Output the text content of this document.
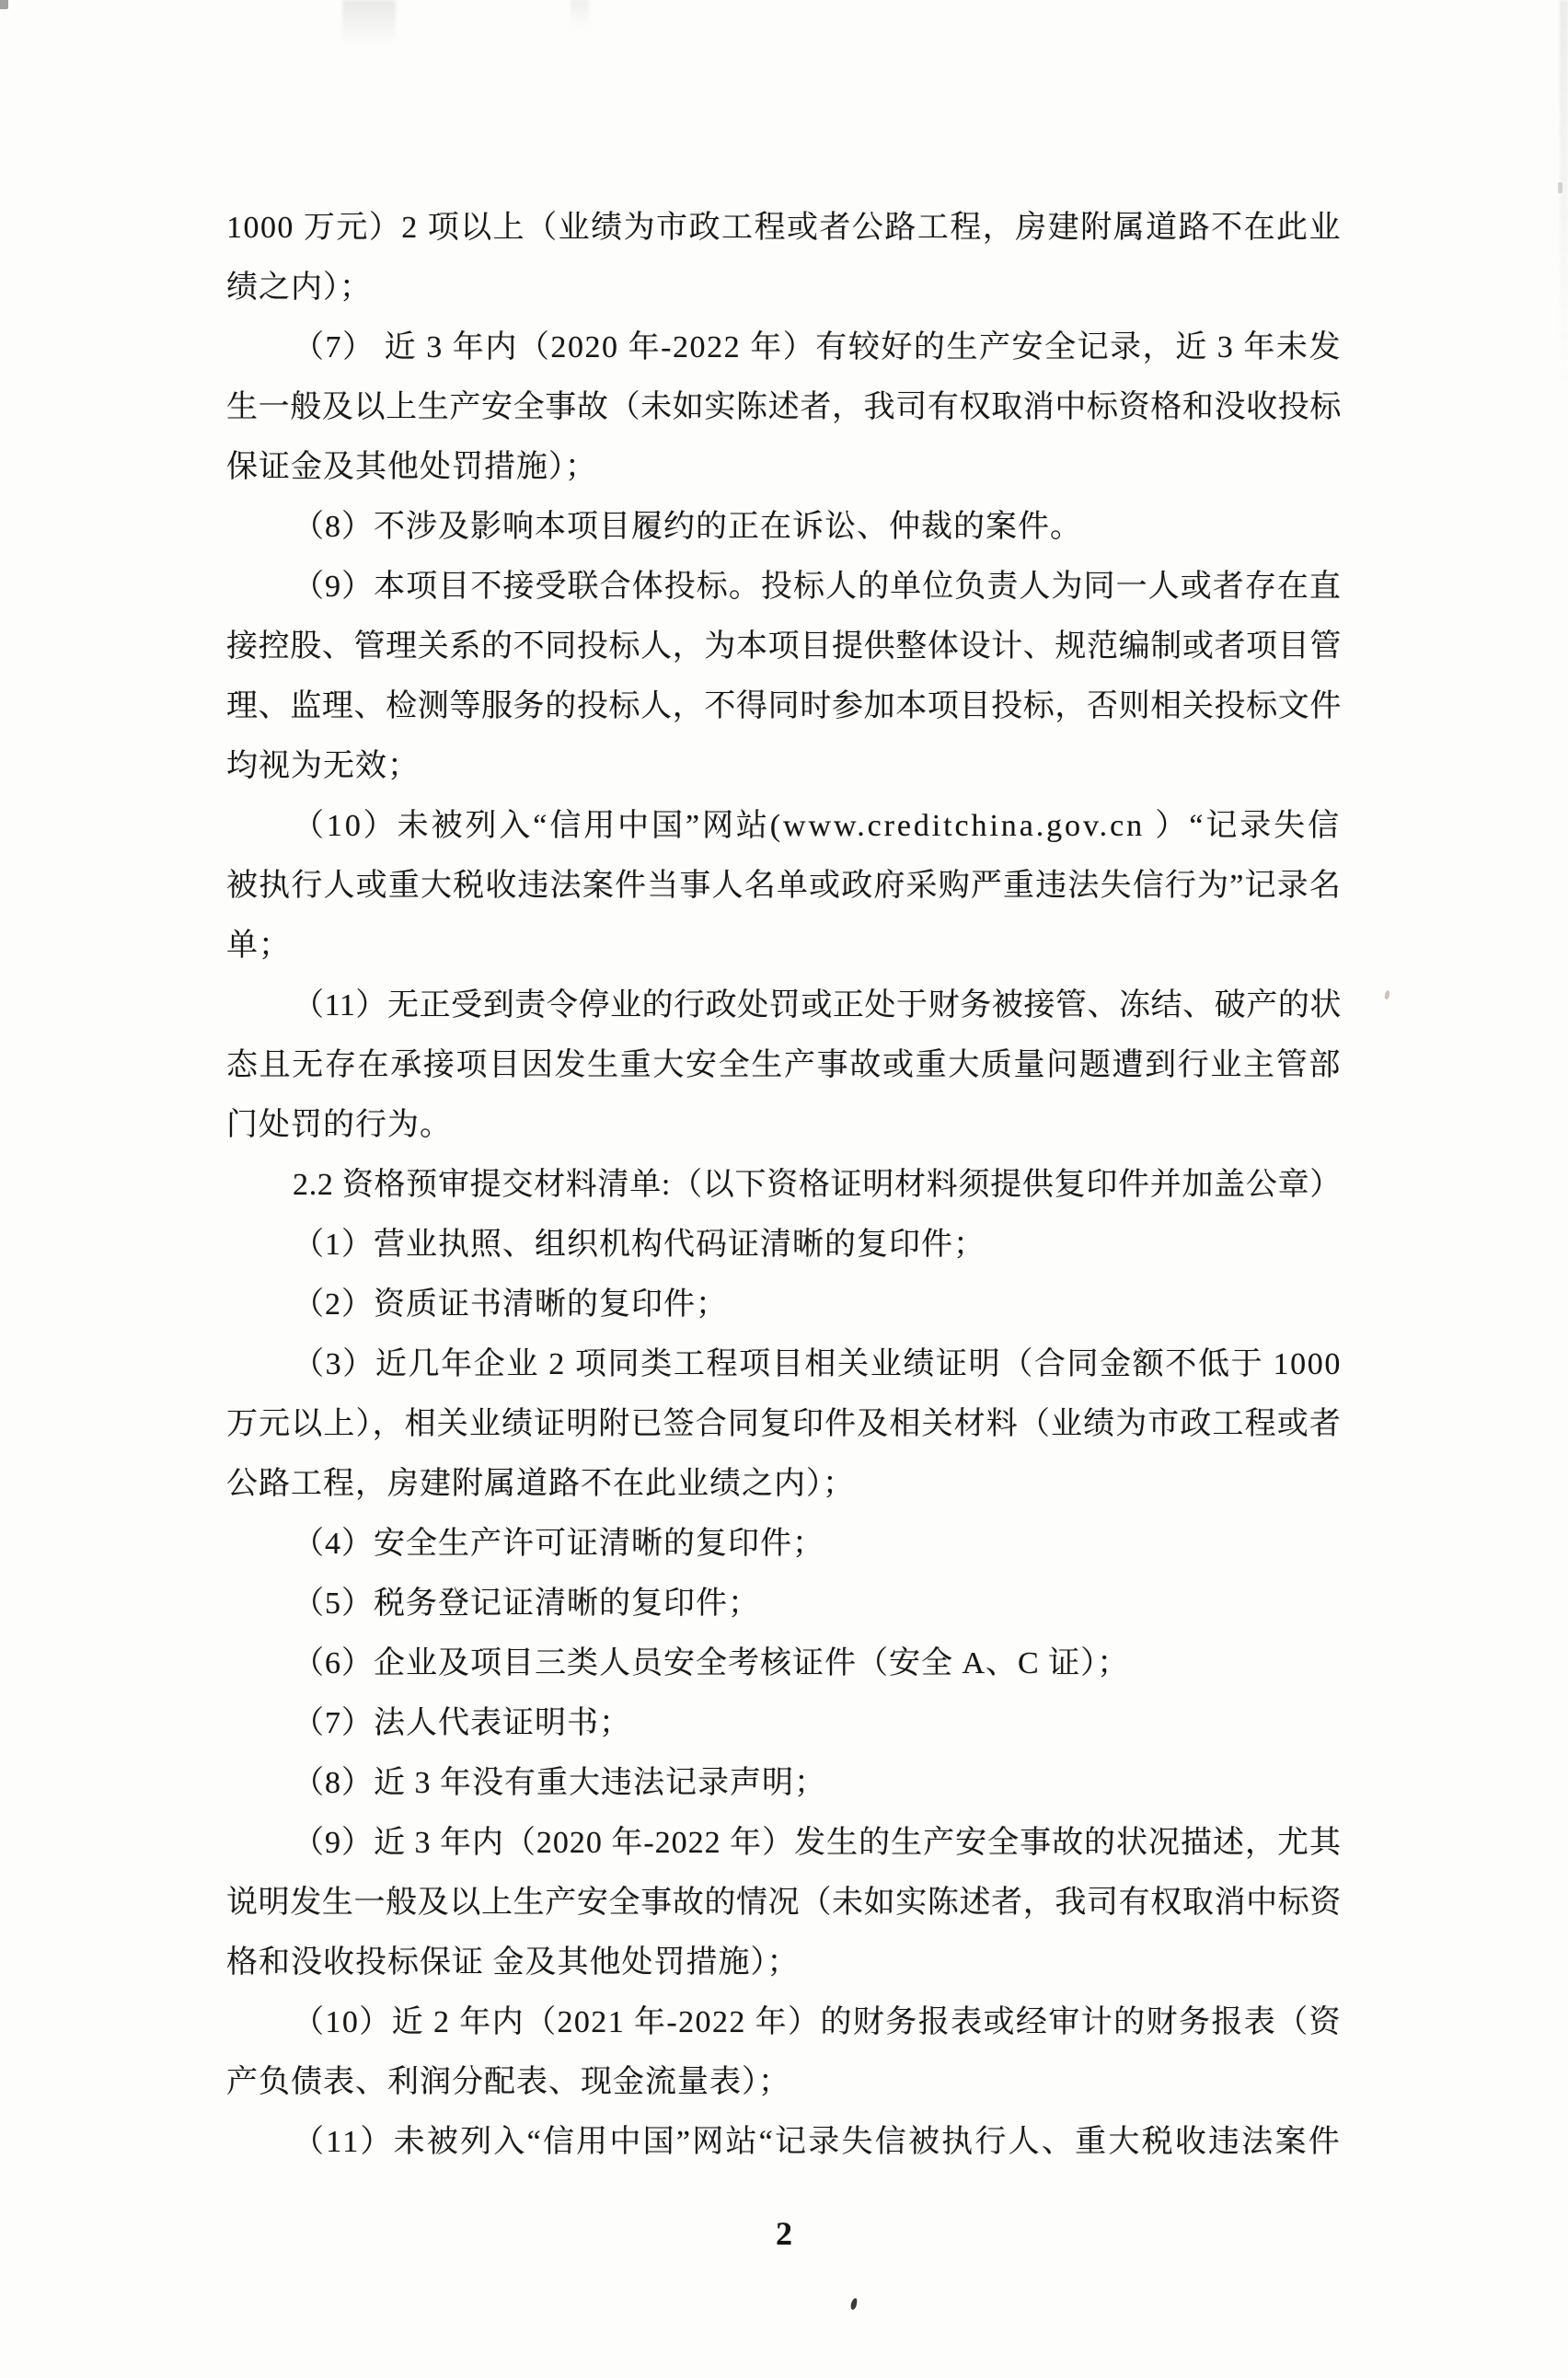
1000 万元）2 项以上（业绩为市政工程或者公路工程，房建附属道路不在此业
绩之内）；
（7） 近 3 年内（2020 年-2022 年）有较好的生产安全记录，近 3 年未发
生一般及以上生产安全事故（未如实陈述者，我司有权取消中标资格和没收投标
保证金及其他处罚措施）；
（8）不涉及影响本项目履约的正在诉讼、仲裁的案件。
（9）本项目不接受联合体投标。投标人的单位负责人为同一人或者存在直
接控股、管理关系的不同投标人，为本项目提供整体设计、规范编制或者项目管
理、监理、检测等服务的投标人，不得同时参加本项目投标，否则相关投标文件
均视为无效；
（10）未被列入“信用中国”网站(www.creditchina.gov.cn ）“记录失信
被执行人或重大税收违法案件当事人名单或政府采购严重违法失信行为”记录名
单；
（11）无正受到责令停业的行政处罚或正处于财务被接管、冻结、破产的状
态且无存在承接项目因发生重大安全生产事故或重大质量问题遭到行业主管部
门处罚的行为。
2.2 资格预审提交材料清单:（以下资格证明材料须提供复印件并加盖公章）
（1）营业执照、组织机构代码证清晰的复印件；
（2）资质证书清晰的复印件；
（3）近几年企业 2 项同类工程项目相关业绩证明（合同金额不低于 1000
万元以上），相关业绩证明附已签合同复印件及相关材料（业绩为市政工程或者
公路工程，房建附属道路不在此业绩之内）；
（4）安全生产许可证清晰的复印件；
（5）税务登记证清晰的复印件；
（6）企业及项目三类人员安全考核证件（安全 A、C 证）；
（7）法人代表证明书；
（8）近 3 年没有重大违法记录声明；
（9）近 3 年内（2020 年-2022 年）发生的生产安全事故的状况描述，尤其
说明发生一般及以上生产安全事故的情况（未如实陈述者，我司有权取消中标资
格和没收投标保证 金及其他处罚措施）；
（10）近 2 年内（2021 年-2022 年）的财务报表或经审计的财务报表（资
产负债表、利润分配表、现金流量表）；
（11）未被列入“信用中国”网站“记录失信被执行人、重大税收违法案件
2
